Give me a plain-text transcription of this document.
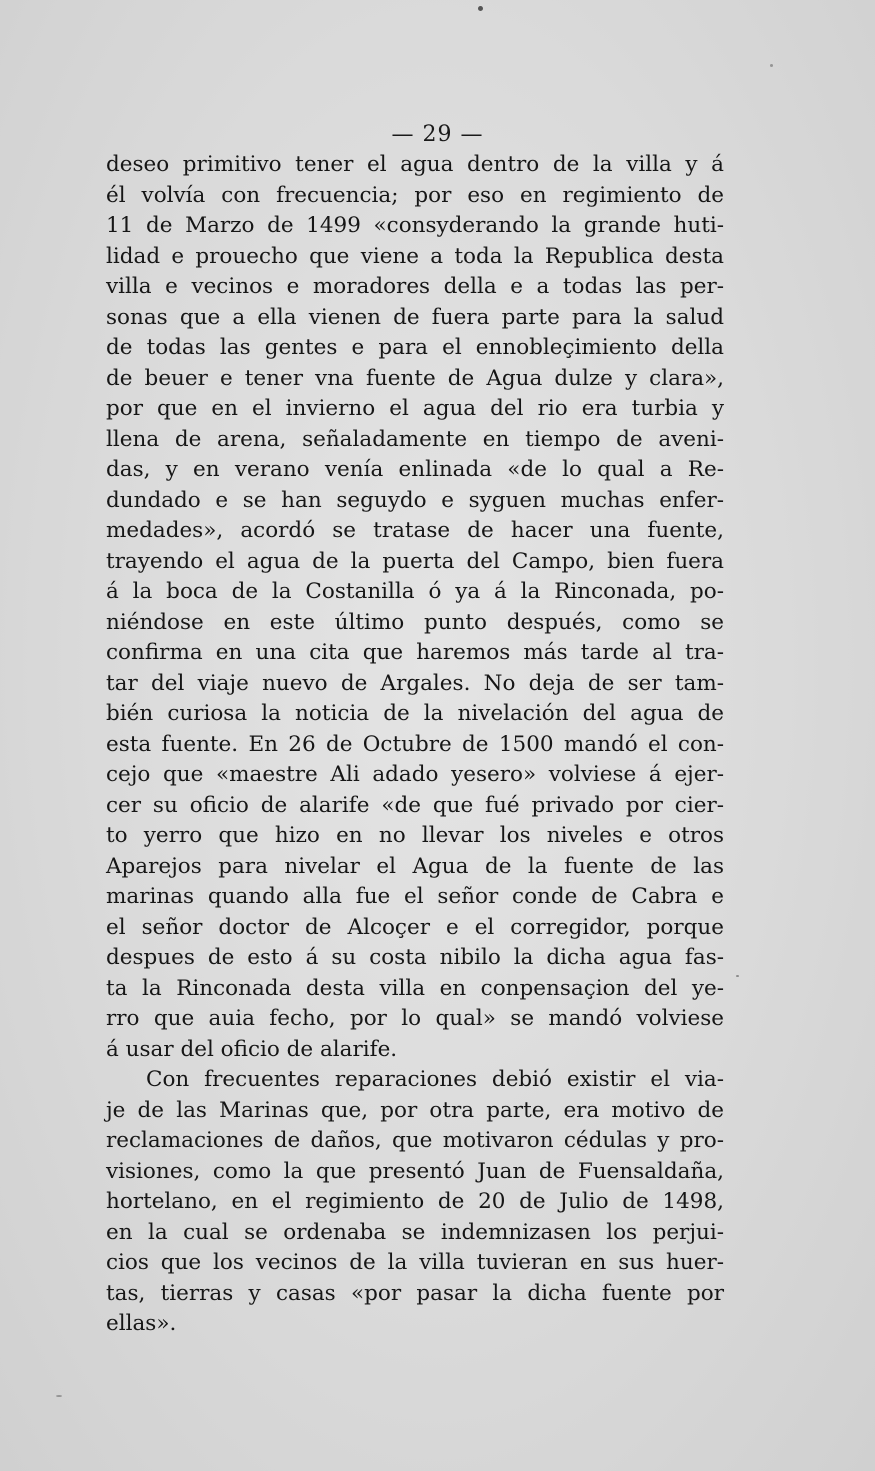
— 29 —
deseo primitivo tener el agua dentro de la villa y á
él volvía con frecuencia; por eso en regimiento de
11 de Marzo de 1499 «consyderando la grande huti-
lidad e prouecho que viene a toda la Republica desta
villa e vecinos e moradores della e a todas las per-
sonas que a ella vienen de fuera parte para la salud
de todas las gentes e para el ennobleçimiento della
de beuer e tener vna fuente de Agua dulze y clara»,
por que en el invierno el agua del rio era turbia y
llena de arena, señaladamente en tiempo de aveni-
das, y en verano venía enlinada «de lo qual a Re-
dundado e se han seguydo e syguen muchas enfer-
medades», acordó se tratase de hacer una fuente,
trayendo el agua de la puerta del Campo, bien fuera
á la boca de la Costanilla ó ya á la Rinconada, po-
niéndose en este último punto después, como se
confirma en una cita que haremos más tarde al tra-
tar del viaje nuevo de Argales. No deja de ser tam-
bién curiosa la noticia de la nivelación del agua de
esta fuente. En 26 de Octubre de 1500 mandó el con-
cejo que «maestre Ali adado yesero» volviese á ejer-
cer su oficio de alarife «de que fué privado por cier-
to yerro que hizo en no llevar los niveles e otros
Aparejos para nivelar el Agua de la fuente de las
marinas quando alla fue el señor conde de Cabra e
el señor doctor de Alcoçer e el corregidor, porque
despues de esto á su costa nibilo la dicha agua fas-
ta la Rinconada desta villa en conpensaçion del ye-
rro que auia fecho, por lo qual» se mandó volviese
á usar del oficio de alarife.
Con frecuentes reparaciones debió existir el via-
je de las Marinas que, por otra parte, era motivo de
reclamaciones de daños, que motivaron cédulas y pro-
visiones, como la que presentó Juan de Fuensaldaña,
hortelano, en el regimiento de 20 de Julio de 1498,
en la cual se ordenaba se indemnizasen los perjui-
cios que los vecinos de la villa tuvieran en sus huer-
tas, tierras y casas «por pasar la dicha fuente por
ellas».
